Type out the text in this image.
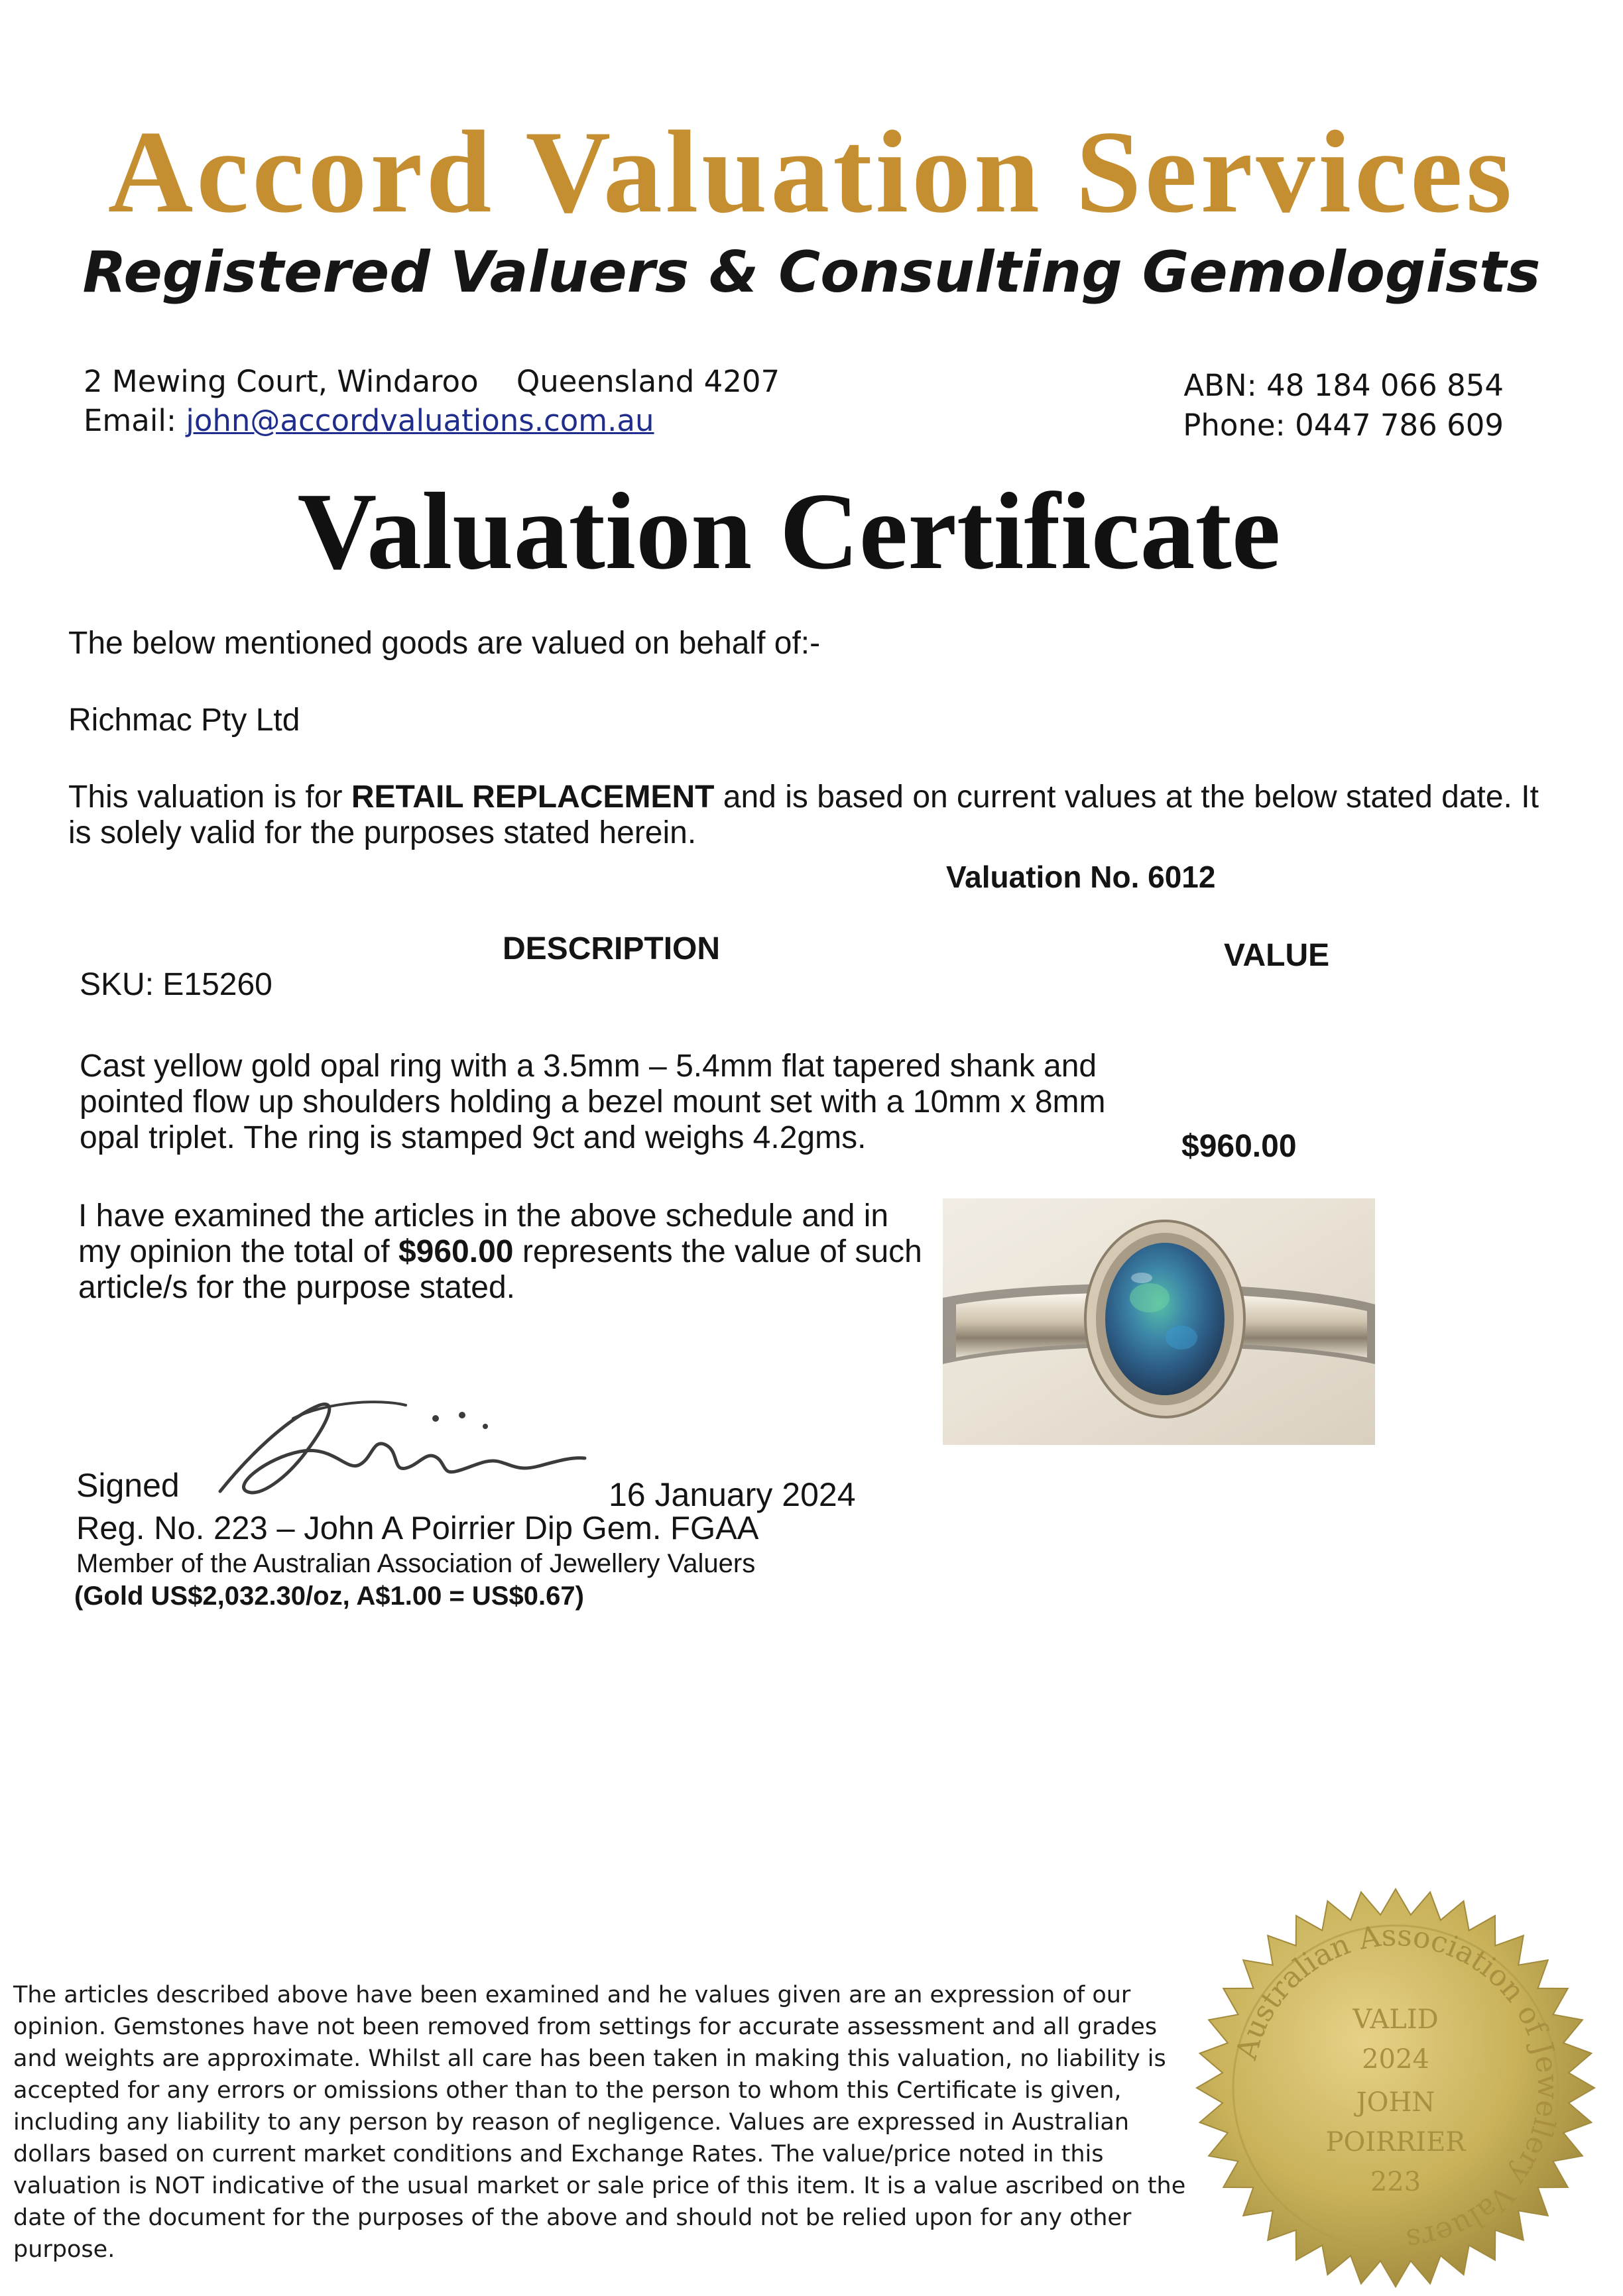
Accord Valuation Services
Registered Valuers & Consulting Gemologists
2 Mewing Court, Windaroo    Queensland 4207
Email: john@accordvaluations.com.au
ABN: 48 184 066 854
Phone: 0447 786 609
Valuation Certificate
The below mentioned goods are valued on behalf of:-
Richmac Pty Ltd
This valuation is for RETAIL REPLACEMENT and is based on current values at the below stated date. It is solely valid for the purposes stated herein.
Valuation No. 6012
DESCRIPTION	VALUE
SKU: E15260
Cast yellow gold opal ring with a 3.5mm – 5.4mm flat tapered shank and pointed flow up shoulders holding a bezel mount set with a 10mm x 8mm opal triplet. The ring is stamped 9ct and weighs 4.2gms.	$960.00
I have examined the articles in the above schedule and in my opinion the total of $960.00 represents the value of such article/s for the purpose stated.
Signed	16 January 2024
Reg. No. 223 – John A Poirrier Dip Gem. FGAA
Member of the Australian Association of Jewellery Valuers
(Gold US$2,032.30/oz, A$1.00 = US$0.67)
The articles described above have been examined and he values given are an expression of our opinion. Gemstones have not been removed from settings for accurate assessment and all grades and weights are approximate. Whilst all care has been taken in making this valuation, no liability is accepted for any errors or omissions other than to the person to whom this Certificate is given, including any liability to any person by reason of negligence. Values are expressed in Australian dollars based on current market conditions and Exchange Rates. The value/price noted in this valuation is NOT indicative of the usual market or sale price of this item. It is a value ascribed on the date of the document for the purposes of the above and should not be relied upon for any other purpose.
Australian Association of Jewellery Valuers
VALID
2024
JOHN
POIRRIER
223
